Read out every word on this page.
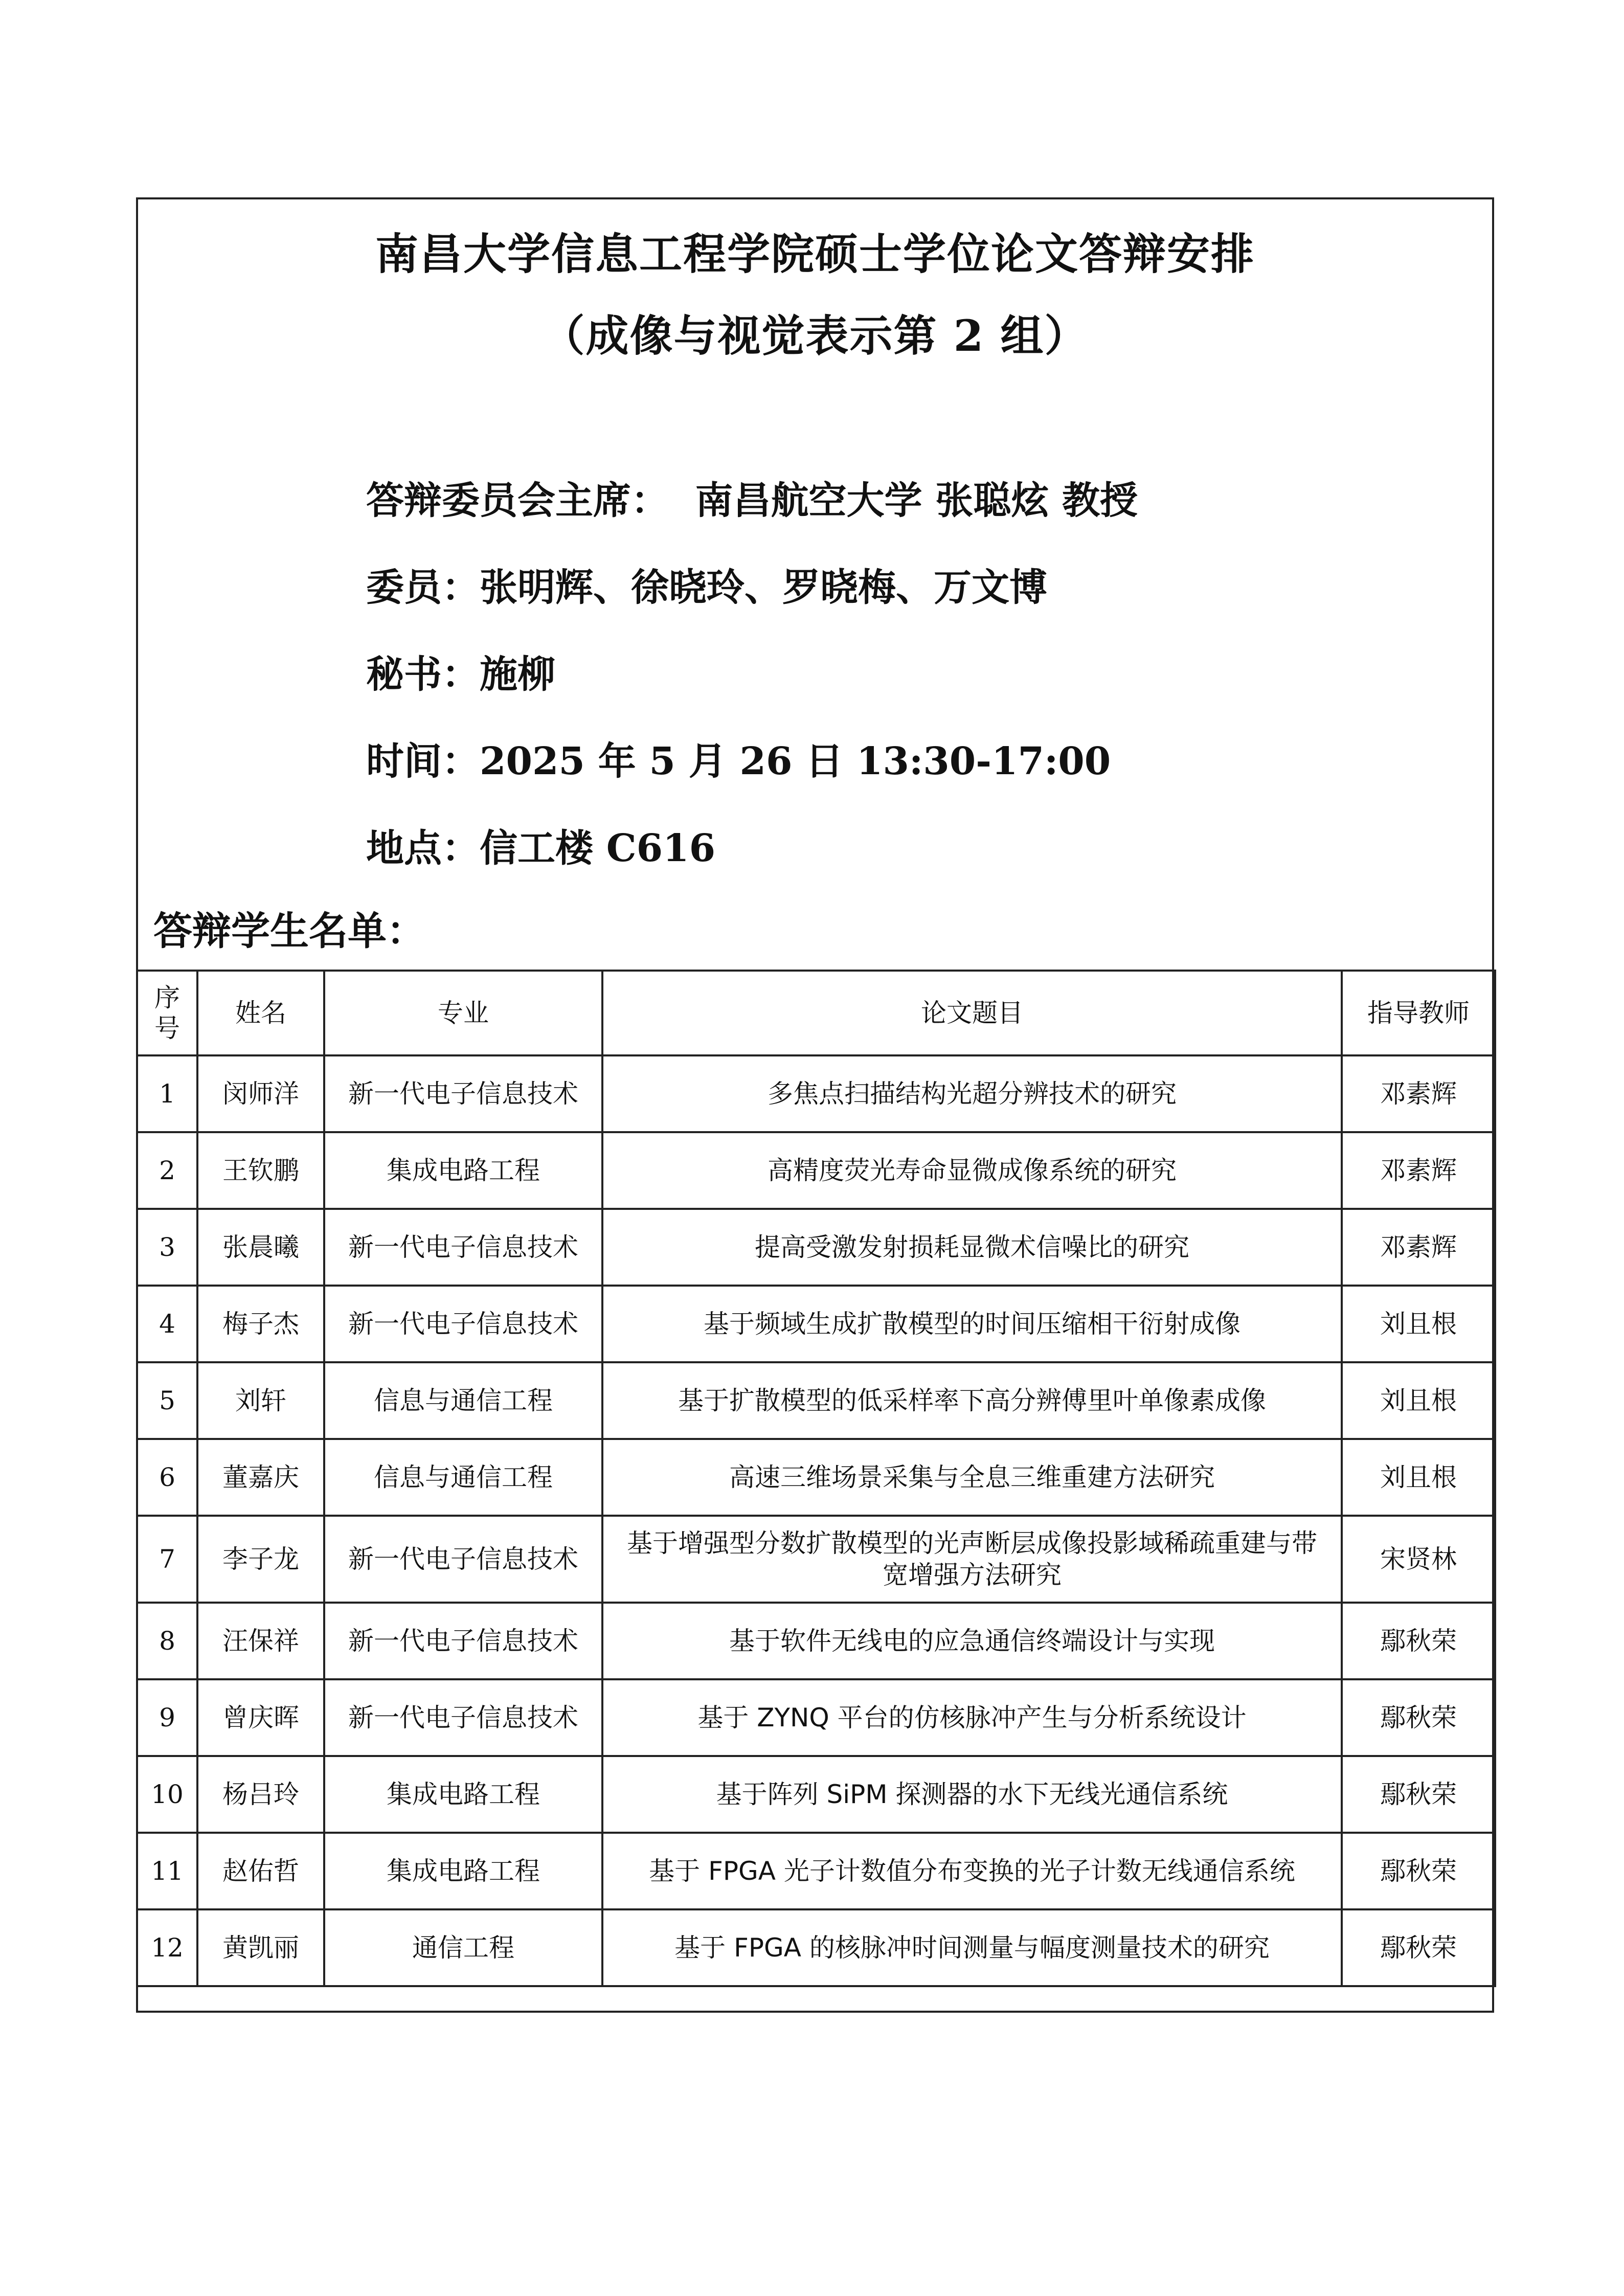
南昌大学信息工程学院硕士学位论文答辩安排
（成像与视觉表示第 2 组）
答辩委员会主席： 南昌航空大学 张聪炫 教授
委员：张明辉、徐晓玲、罗晓梅、万文博
秘书：施柳
时间：2025 年 5 月 26 日 13:30-17:00
地点：信工楼 C616
答辩学生名单：
序号	姓名	专业	论文题目	指导教师
1	闵师洋	新一代电子信息技术	多焦点扫描结构光超分辨技术的研究	邓素辉
2	王钦鹏	集成电路工程	高精度荧光寿命显微成像系统的研究	邓素辉
3	张晨曦	新一代电子信息技术	提高受激发射损耗显微术信噪比的研究	邓素辉
4	梅子杰	新一代电子信息技术	基于频域生成扩散模型的时间压缩相干衍射成像	刘且根
5	刘轩	信息与通信工程	基于扩散模型的低采样率下高分辨傅里叶单像素成像	刘且根
6	董嘉庆	信息与通信工程	高速三维场景采集与全息三维重建方法研究	刘且根
7	李子龙	新一代电子信息技术	基于增强型分数扩散模型的光声断层成像投影域稀疏重建与带宽增强方法研究	宋贤林
8	汪保祥	新一代电子信息技术	基于软件无线电的应急通信终端设计与实现	鄢秋荣
9	曾庆晖	新一代电子信息技术	基于 ZYNQ 平台的仿核脉冲产生与分析系统设计	鄢秋荣
10	杨吕玲	集成电路工程	基于阵列 SiPM 探测器的水下无线光通信系统	鄢秋荣
11	赵佑哲	集成电路工程	基于 FPGA 光子计数值分布变换的光子计数无线通信系统	鄢秋荣
12	黄凯丽	通信工程	基于 FPGA 的核脉冲时间测量与幅度测量技术的研究	鄢秋荣
